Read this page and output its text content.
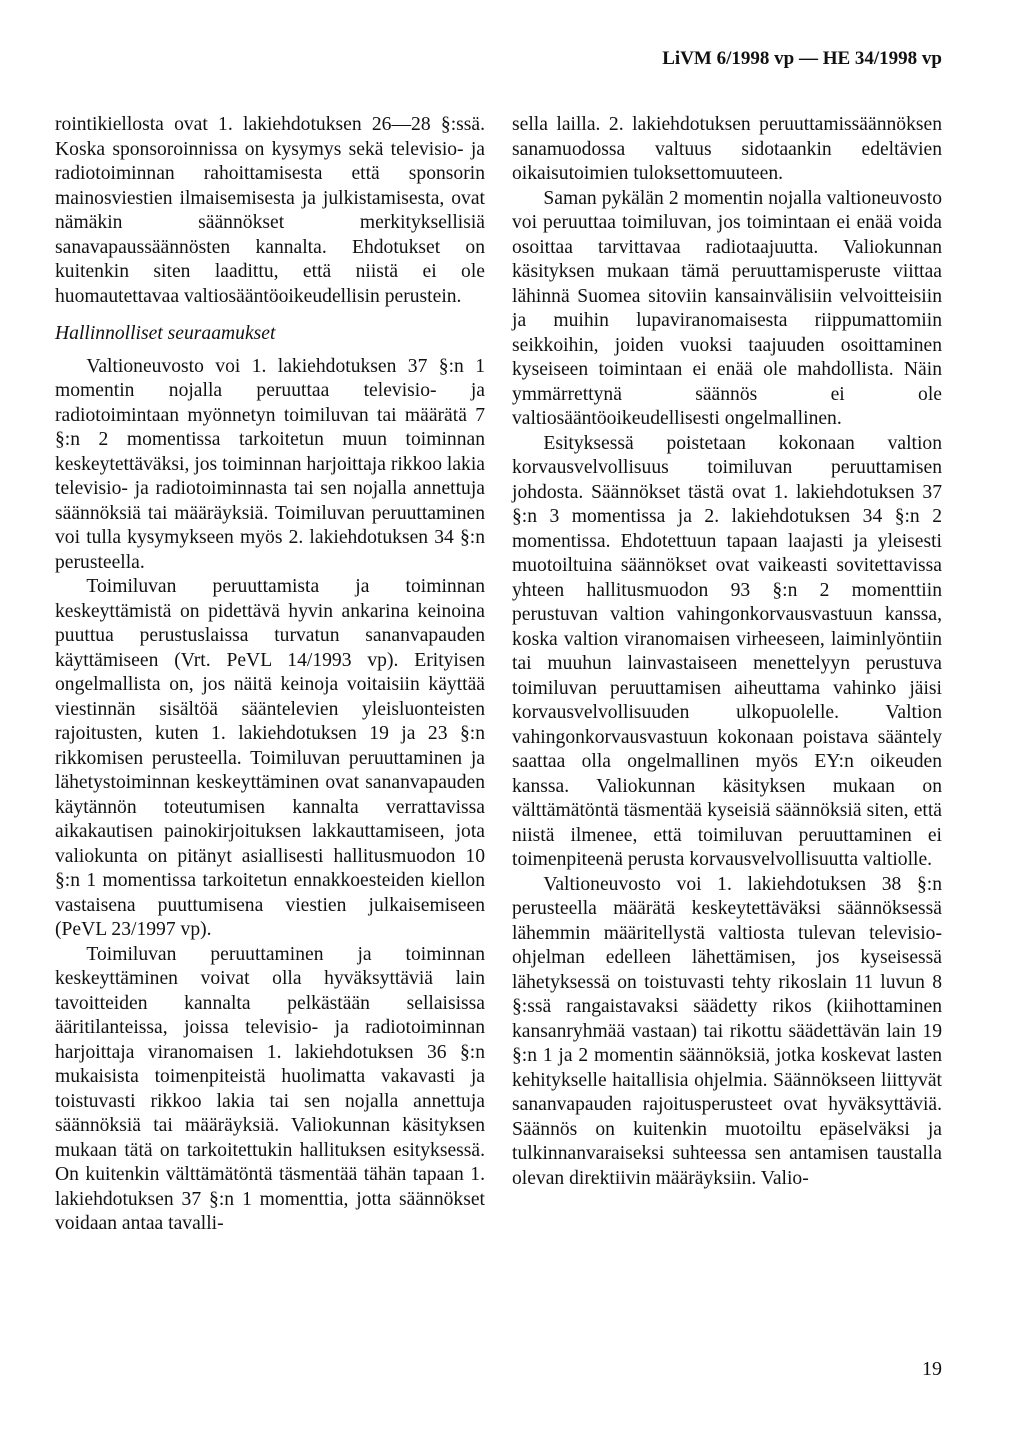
LiVM 6/1998 vp — HE 34/1998 vp

rointikiellosta ovat 1. lakiehdotuksen 26—28 §:ssä. Koska sponsoroinnissa on kysymys sekä televisio- ja radiotoiminnan rahoittamisesta että sponsorin mainosviestien ilmaisemisesta ja julkistamisesta, ovat nämäkin säännökset merkityksellisiä sanavapaussäännösten kannalta. Ehdotukset on kuitenkin siten laadittu, että niistä ei ole huomautettavaa valtiosääntöoikeudellisin perustein.

Hallinnolliset seuraamukset

Valtioneuvosto voi 1. lakiehdotuksen 37 §:n 1 momentin nojalla peruuttaa televisio- ja radiotoimintaan myönnetyn toimiluvan tai määrätä 7 §:n 2 momentissa tarkoitetun muun toiminnan keskeytettäväksi, jos toiminnan harjoittaja rikkoo lakia televisio- ja radiotoiminnasta tai sen nojalla annettuja säännöksiä tai määräyksiä. Toimiluvan peruuttaminen voi tulla kysymykseen myös 2. lakiehdotuksen 34 §:n perusteella.

Toimiluvan peruuttamista ja toiminnan keskeyttämistä on pidettävä hyvin ankarina keinoina puuttua perustuslaissa turvatun sananvapauden käyttämiseen (Vrt. PeVL 14/1993 vp). Erityisen ongelmallista on, jos näitä keinoja voitaisiin käyttää viestinnän sisältöä sääntelevien yleisluonteisten rajoitusten, kuten 1. lakiehdotuksen 19 ja 23 §:n rikkomisen perusteella. Toimiluvan peruuttaminen ja lähetystoiminnan keskeyttäminen ovat sananvapauden käytännön toteutumisen kannalta verrattavissa aikakautisen painokirjoituksen lakkauttamiseen, jota valiokunta on pitänyt asiallisesti hallitusmuodon 10 §:n 1 momentissa tarkoitetun ennakkoesteiden kiellon vastaisena puuttumisena viestien julkaisemiseen (PeVL 23/1997 vp).

Toimiluvan peruuttaminen ja toiminnan keskeyttäminen voivat olla hyväksyttäviä lain tavoitteiden kannalta pelkästään sellaisissa ääritilanteissa, joissa televisio- ja radiotoiminnan harjoittaja viranomaisen 1. lakiehdotuksen 36 §:n mukaisista toimenpiteistä huolimatta vakavasti ja toistuvasti rikkoo lakia tai sen nojalla annettuja säännöksiä tai määräyksiä. Valiokunnan käsityksen mukaan tätä on tarkoitettukin hallituksen esityksessä. On kuitenkin välttämätöntä täsmentää tähän tapaan 1. lakiehdotuksen 37 §:n 1 momenttia, jotta säännökset voidaan antaa tavalli-

sella lailla. 2. lakiehdotuksen peruuttamissäännöksen sanamuodossa valtuus sidotaankin edeltävien oikaisutoimien tuloksettomuuteen.

Saman pykälän 2 momentin nojalla valtioneuvosto voi peruuttaa toimiluvan, jos toimintaan ei enää voida osoittaa tarvittavaa radiotaajuutta. Valiokunnan käsityksen mukaan tämä peruuttamisperuste viittaa lähinnä Suomea sitoviin kansainvälisiin velvoitteisiin ja muihin lupaviranomaisesta riippumattomiin seikkoihin, joiden vuoksi taajuuden osoittaminen kyseiseen toimintaan ei enää ole mahdollista. Näin ymmärrettynä säännös ei ole valtiosääntöoikeudellisesti ongelmallinen.

Esityksessä poistetaan kokonaan valtion korvausvelvollisuus toimiluvan peruuttamisen johdosta. Säännökset tästä ovat 1. lakiehdotuksen 37 §:n 3 momentissa ja 2. lakiehdotuksen 34 §:n 2 momentissa. Ehdotettuun tapaan laajasti ja yleisesti muotoiltuina säännökset ovat vaikeasti sovitettavissa yhteen hallitusmuodon 93 §:n 2 momenttiin perustuvan valtion vahingonkorvausvastuun kanssa, koska valtion viranomaisen virheeseen, laiminlyöntiin tai muuhun lainvastaiseen menettelyyn perustuva toimiluvan peruuttamisen aiheuttama vahinko jäisi korvausvelvollisuuden ulkopuolelle. Valtion vahingonkorvausvastuun kokonaan poistava sääntely saattaa olla ongelmallinen myös EY:n oikeuden kanssa. Valiokunnan käsityksen mukaan on välttämätöntä täsmentää kyseisiä säännöksiä siten, että niistä ilmenee, että toimiluvan peruuttaminen ei toimenpiteenä perusta korvausvelvollisuutta valtiolle.

Valtioneuvosto voi 1. lakiehdotuksen 38 §:n perusteella määrätä keskeytettäväksi säännöksessä lähemmin määritellystä valtiosta tulevan televisio-ohjelman edelleen lähettämisen, jos kyseisessä lähetyksessä on toistuvasti tehty rikoslain 11 luvun 8 §:ssä rangaistavaksi säädetty rikos (kiihottaminen kansanryhmää vastaan) tai rikottu säädettävän lain 19 §:n 1 ja 2 momentin säännöksiä, jotka koskevat lasten kehitykselle haitallisia ohjelmia. Säännökseen liittyvät sananvapauden rajoitusperusteet ovat hyväksyttäviä. Säännös on kuitenkin muotoiltu epäselväksi ja tulkinnanvaraiseksi suhteessa sen antamisen taustalla olevan direktiivin määräyksiin. Valio-

19
